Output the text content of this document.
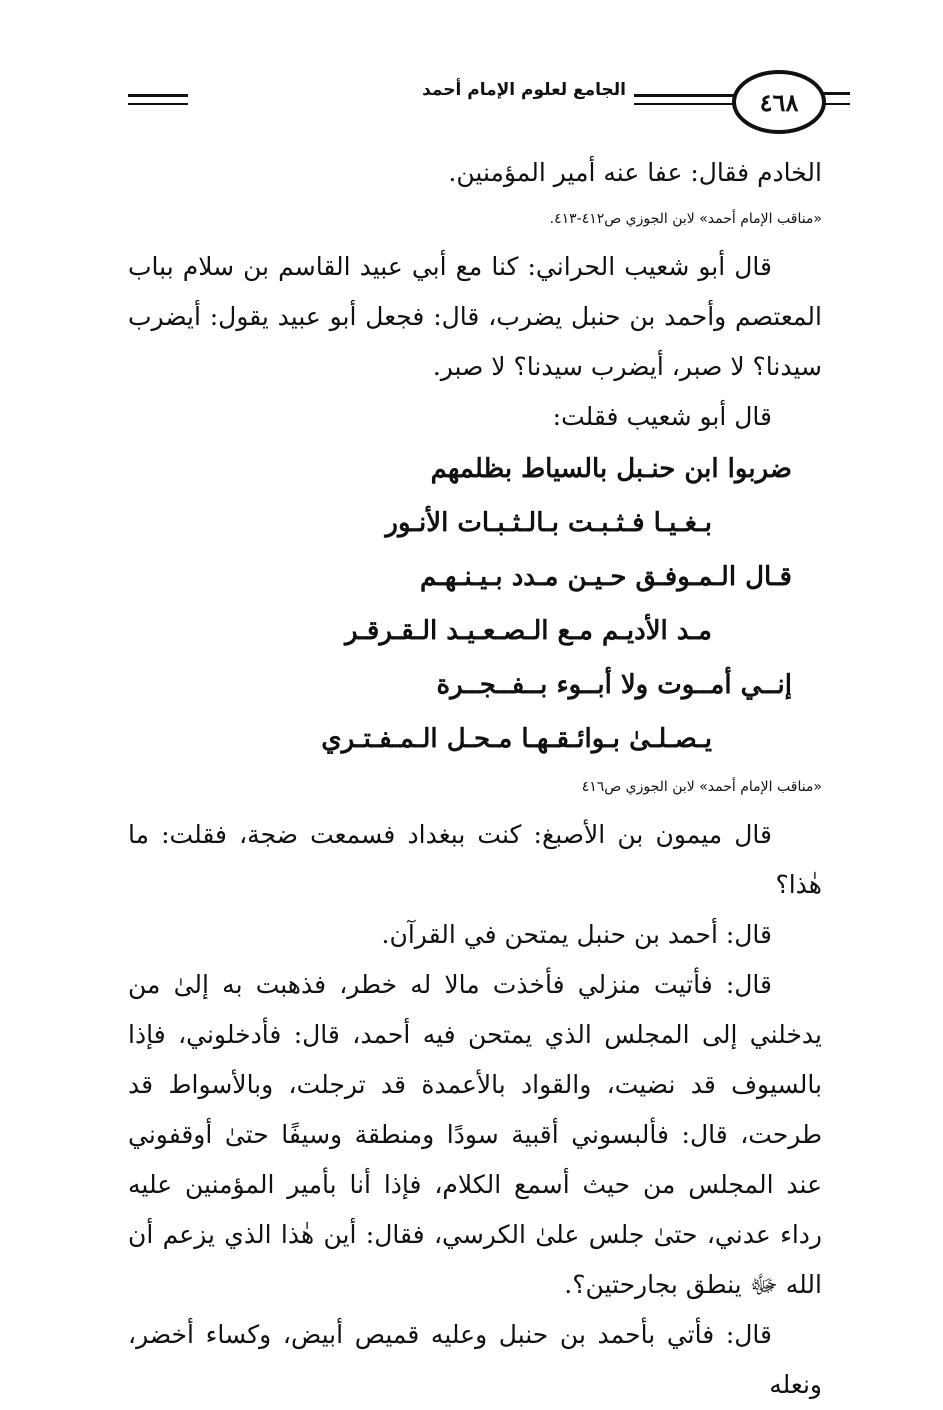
٤٦٨
الجامع لعلوم الإمام أحمد

الخادم فقال: عفا عنه أمير المؤمنين.

«مناقب الإمام أحمد» لابن الجوزي ص٤١٢-٤١٣.

قال أبو شعيب الحراني: كنا مع أبي عبيد القاسم بن سلام بباب المعتصم وأحمد بن حنبل يضرب، قال: فجعل أبو عبيد يقول: أيضرب سيدنا؟ لا صبر، أيضرب سيدنا؟ لا صبر.

قال أبو شعيب فقلت:

ضربوا ابن حنـبل بالسياط بظلمهم

بـغـيـا فـثـبـت بـالـثـبـات الأنـور

قـال الـمـوفـق حـيـن مـدد بـيـنـهـم

مـد الأديـم مـع الـصـعـيـد الـقـرقـر

إنــي أمــوت ولا أبــوء بــفــجــرة

يـصـلـىٰ بـوائـقـهـا مـحـل الـمـفـتـري

«مناقب الإمام أحمد» لابن الجوزي ص٤١٦

قال ميمون بن الأصبغ: كنت ببغداد فسمعت ضجة، فقلت: ما هٰذا؟

قال: أحمد بن حنبل يمتحن في القرآن.

قال: فأتيت منزلي فأخذت مالا له خطر، فذهبت به إلىٰ من يدخلني إلى المجلس الذي يمتحن فيه أحمد، قال: فأدخلوني، فإذا بالسيوف قد نضيت، والقواد بالأعمدة قد ترجلت، وبالأسواط قد طرحت، قال: فألبسوني أقبية سودًا ومنطقة وسيفًا حتىٰ أوقفوني عند المجلس من حيث أسمع الكلام، فإذا أنا بأمير المؤمنين عليه رداء عدني، حتىٰ جلس علىٰ الكرسي، فقال: أين هٰذا الذي يزعم أن الله ﷻ ينطق بجارحتين؟.

قال: فأتي بأحمد بن حنبل وعليه قميص أبيض، وكساء أخضر، ونعله
